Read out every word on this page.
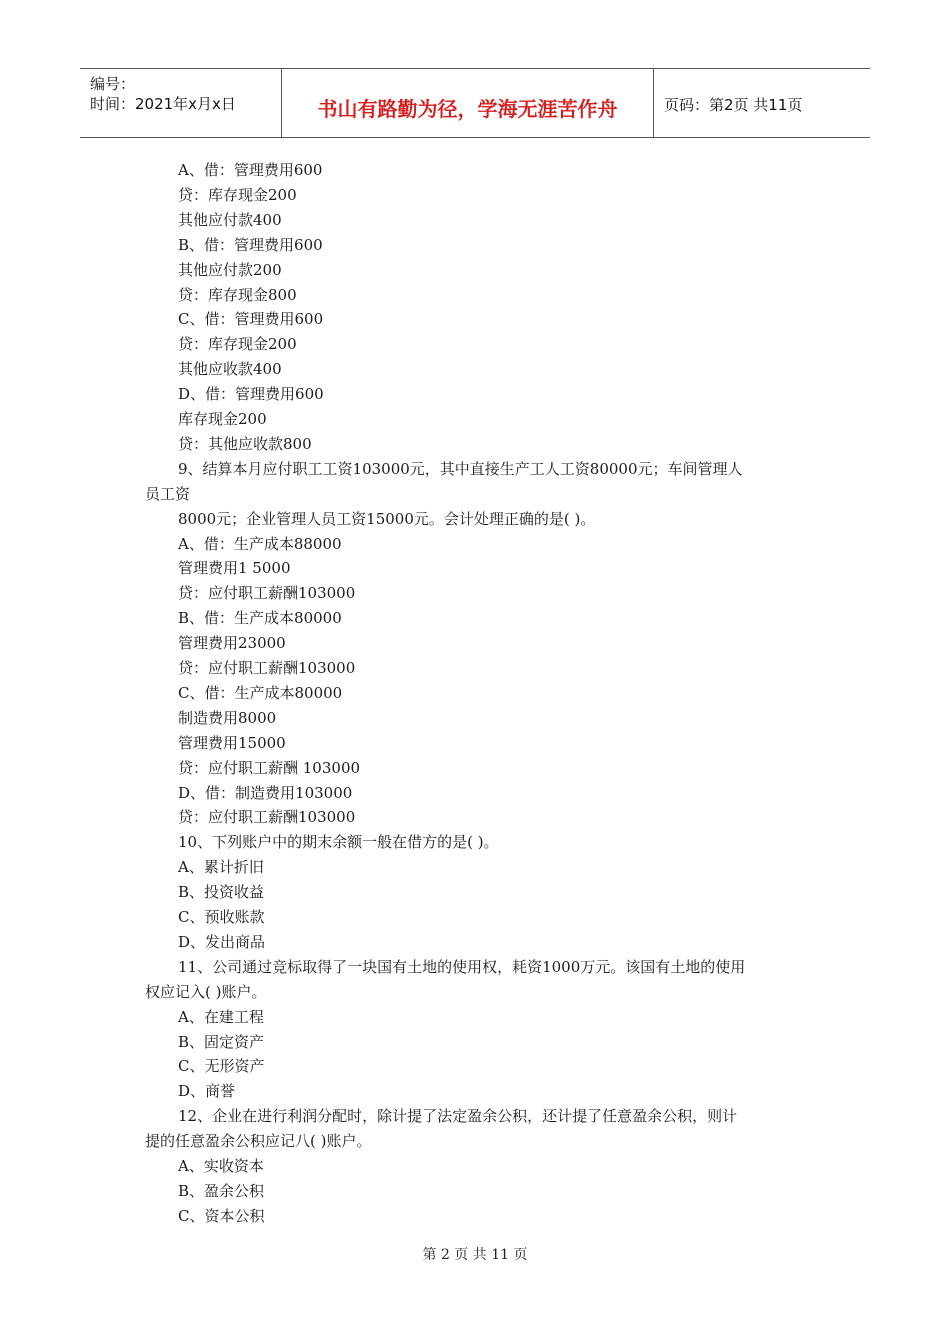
编号：
时间：2021年x月x日	书山有路勤为径，学海无涯苦作舟	页码：第2页 共11页
A、借：管理费用600
贷：库存现金200
其他应付款400
B、借：管理费用600
其他应付款200
贷：库存现金800
C、借：管理费用600
贷：库存现金200
其他应收款400
D、借：管理费用600
库存现金200
贷：其他应收款800
9、结算本月应付职工工资103000元，其中直接生产工人工资80000元；车间管理人
员工资
8000元；企业管理人员工资15000元。会计处理正确的是( )。
A、借：生产成本88000
管理费用1 5000
贷：应付职工薪酬103000
B、借：生产成本80000
管理费用23000
贷：应付职工薪酬103000
C、借：生产成本80000
制造费用8000
管理费用15000
贷：应付职工薪酬 103000
D、借：制造费用103000
贷：应付职工薪酬103000
10、下列账户中的期末余额一般在借方的是( )。
A、累计折旧
B、投资收益
C、预收账款
D、发出商品
11、公司通过竞标取得了一块国有土地的使用权，耗资1000万元。该国有土地的使用
权应记入( )账户。
A、在建工程
B、固定资产
C、无形资产
D、商誉
12、企业在进行利润分配时，除计提了法定盈余公积，还计提了任意盈余公积，则计
提的任意盈余公积应记八( )账户。
A、实收资本
B、盈余公积
C、资本公积
第 2 页 共 11 页
